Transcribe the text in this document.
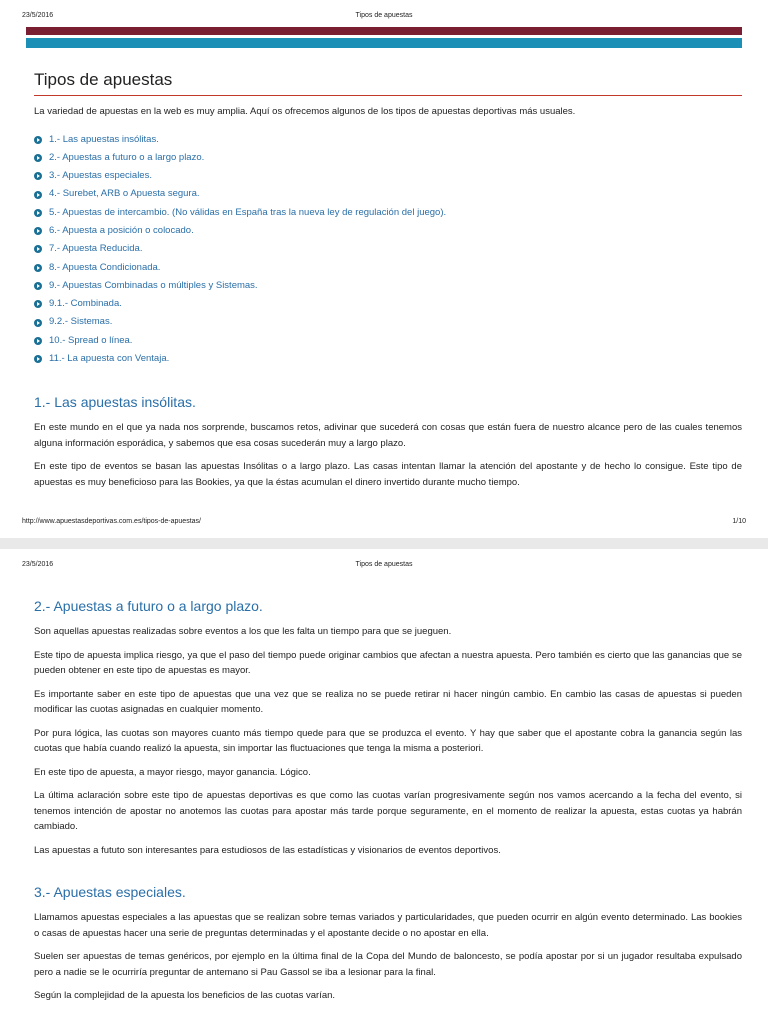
23/5/2016	Tipos de apuestas
Tipos de apuestas

La variedad de apuestas en la web es muy amplia. Aquí os ofrecemos algunos de los tipos de apuestas deportivas más usuales.

1.- Las apuestas insólitas.
2.- Apuestas a futuro o a largo plazo.
3.- Apuestas especiales.
4.- Surebet, ARB o Apuesta segura.
5.- Apuestas de intercambio. (No válidas en España tras la nueva ley de regulación del juego).
6.- Apuesta a posición o colocado.
7.- Apuesta Reducida.
8.- Apuesta Condicionada.
9.- Apuestas Combinadas o múltiples y Sistemas.
9.1.- Combinada.
9.2.- Sistemas.
10.- Spread o línea.
11.- La apuesta con Ventaja.
1.- Las apuestas insólitas.

En este mundo en el que ya nada nos sorprende, buscamos retos, adivinar que sucederá con cosas que están fuera de nuestro alcance pero de las cuales tenemos alguna información esporádica, y sabemos que esa cosas sucederán muy a largo plazo.

En este tipo de eventos se basan las apuestas Insólitas o a largo plazo. Las casas intentan llamar la atención del apostante y de hecho lo consigue. Este tipo de apuestas es muy beneficioso para las Bookies, ya que la éstas acumulan el dinero invertido durante mucho tiempo.

http://www.apuestasdeportivas.com.es/tipos-de-apuestas/	1/10
23/5/2016	Tipos de apuestas
2.- Apuestas a futuro o a largo plazo.

Son aquellas apuestas realizadas sobre eventos a los que les falta un tiempo para que se jueguen.

Este tipo de apuesta implica riesgo, ya que el paso del tiempo puede originar cambios que afectan a nuestra apuesta. Pero también es cierto que las ganancias que se pueden obtener en este tipo de apuestas es mayor.

Es importante saber en este tipo de apuestas que una vez que se realiza no se puede retirar ni hacer ningún cambio. En cambio las casas de apuestas si pueden modificar las cuotas asignadas en cualquier momento.

Por pura lógica, las cuotas son mayores cuanto más tiempo quede para que se produzca el evento. Y hay que saber que el apostante cobra la ganancia según las cuotas que había cuando realizó la apuesta, sin importar las fluctuaciones que tenga la misma a posteriori.

En este tipo de apuesta, a mayor riesgo, mayor ganancia. Lógico.

La última aclaración sobre este tipo de apuestas deportivas es que como las cuotas varían progresivamente según nos vamos acercando a la fecha del evento, si tenemos intención de apostar no anotemos las cuotas para apostar más tarde porque seguramente, en el momento de realizar la apuesta, estas cuotas ya habrán cambiado.

Las apuestas a fututo son interesantes para estudiosos de las estadísticas y visionarios de eventos deportivos.

3.- Apuestas especiales.

Llamamos apuestas especiales a las apuestas que se realizan sobre temas variados y particularidades, que pueden ocurrir en algún evento determinado. Las bookies o casas de apuestas hacer una serie de preguntas determinadas y el apostante decide o no apostar en ella.

Suelen ser apuestas de temas genéricos, por ejemplo en la última final de la Copa del Mundo de baloncesto, se podía apostar por si un jugador resultaba expulsado pero a nadie se le ocurriría preguntar de antemano si Pau Gassol se iba a lesionar para la final.

Según la complejidad de la apuesta los beneficios de las cuotas varían.
